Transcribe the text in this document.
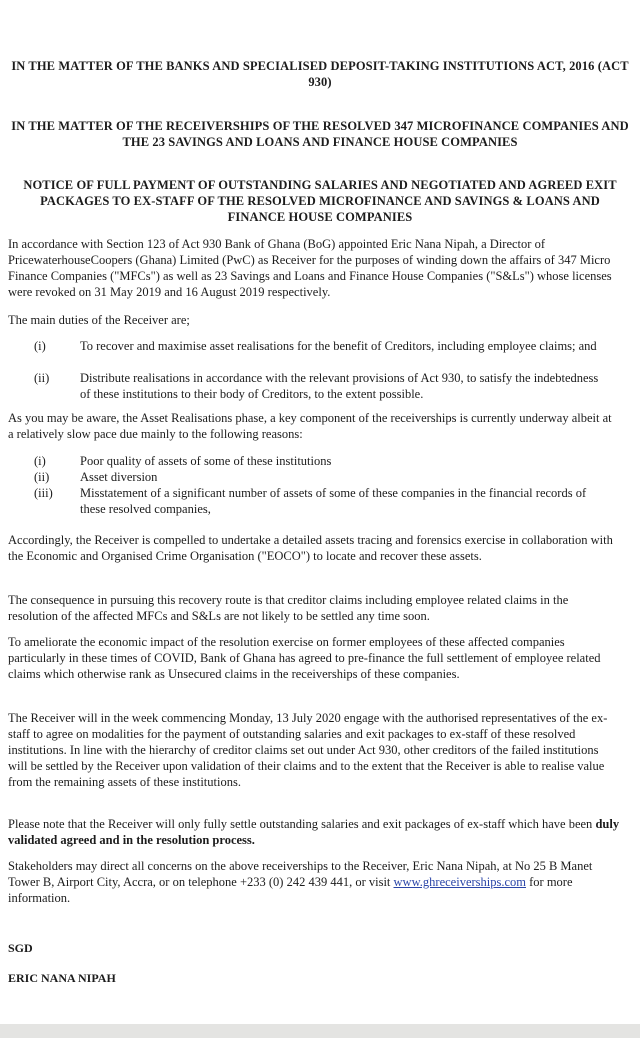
IN THE MATTER OF THE BANKS AND SPECIALISED DEPOSIT-TAKING INSTITUTIONS ACT, 2016 (ACT 930)
IN THE MATTER OF THE RECEIVERSHIPS OF THE RESOLVED 347 MICROFINANCE COMPANIES AND THE 23 SAVINGS AND LOANS AND FINANCE HOUSE COMPANIES
NOTICE OF FULL PAYMENT OF OUTSTANDING SALARIES AND NEGOTIATED AND AGREED EXIT PACKAGES TO EX-STAFF OF THE RESOLVED MICROFINANCE AND SAVINGS & LOANS AND FINANCE HOUSE COMPANIES
In accordance with Section 123 of Act 930 Bank of Ghana (BoG) appointed Eric Nana Nipah, a Director of PricewaterhouseCoopers (Ghana) Limited (PwC) as Receiver for the purposes of winding down the affairs of 347 Micro Finance Companies ("MFCs") as well as 23 Savings and Loans and Finance House Companies ("S&Ls") whose licenses were revoked on 31 May 2019 and 16 August 2019 respectively.
The main duties of the Receiver are;
(i)	To recover and maximise asset realisations for the benefit of Creditors, including employee claims; and
(ii)	Distribute realisations in accordance with the relevant provisions of Act 930, to satisfy the indebtedness of these institutions to their body of Creditors, to the extent possible.
As you may be aware, the Asset Realisations phase, a key component of the receiverships is currently underway albeit at a relatively slow pace due mainly to the following reasons:
(i)	Poor quality of assets of some of these institutions
(ii)	Asset diversion
(iii)	Misstatement of a significant number of assets of some of these companies in the financial records of these resolved companies,
Accordingly, the Receiver is compelled to undertake a detailed assets tracing and forensics exercise in collaboration with the Economic and Organised Crime Organisation ("EOCO") to locate and recover these assets.
The consequence in pursuing this recovery route is that creditor claims including employee related claims in the resolution of the affected MFCs and S&Ls are not likely to be settled any time soon.
To ameliorate the economic impact of the resolution exercise on former employees of these affected companies particularly in these times of COVID, Bank of Ghana has agreed to pre-finance the full settlement of employee related claims which otherwise rank as Unsecured claims in the receiverships of these companies.
The Receiver will in the week commencing Monday, 13 July 2020 engage with the authorised representatives of the ex-staff to agree on modalities for the payment of outstanding salaries and exit packages to ex-staff of these resolved institutions. In line with the hierarchy of creditor claims set out under Act 930, other creditors of the failed institutions will be settled by the Receiver upon validation of their claims and to the extent that the Receiver is able to realise value from the remaining assets of these institutions.
Please note that the Receiver will only fully settle outstanding salaries and exit packages of ex-staff which have been duly validated agreed and in the resolution process.
Stakeholders may direct all concerns on the above receiverships to the Receiver, Eric Nana Nipah, at No 25 B Manet Tower B, Airport City, Accra, or on telephone +233 (0) 242 439 441, or visit www.ghreceiverships.com for more information.
SGD
ERIC NANA NIPAH
